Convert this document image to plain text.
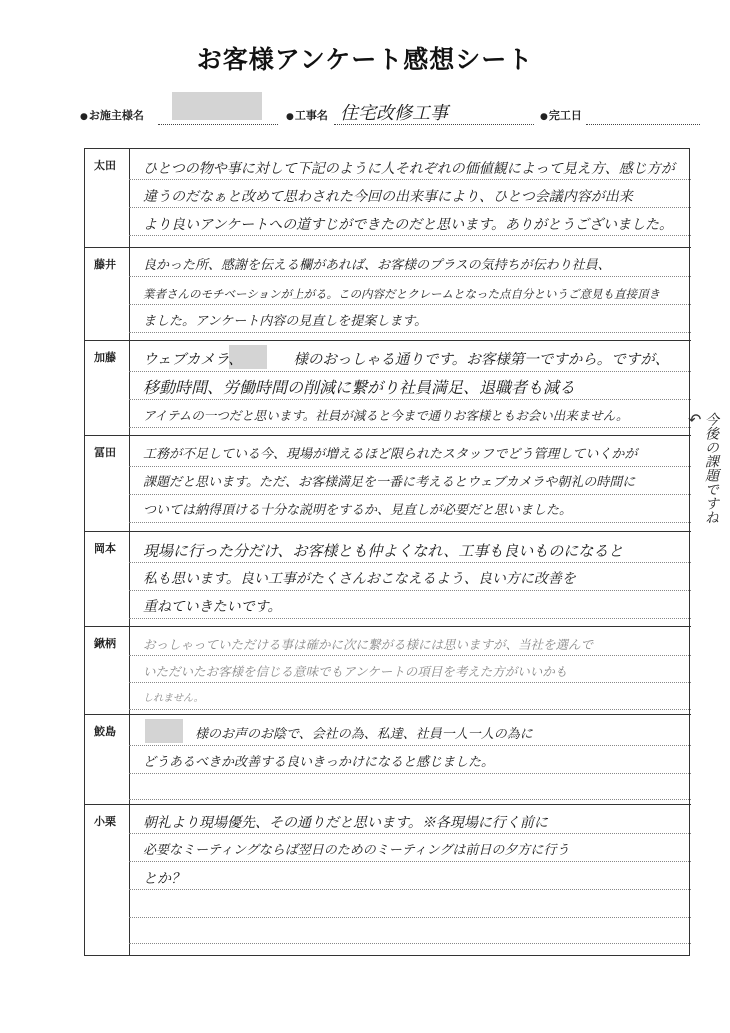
お客様アンケート感想シート
● お施主様名	● 工事名 住宅改修工事	● 完工日
太田 ひとつの物や事に対して下記のように人それぞれの価値観によって見え方、感じ方が
違うのだなぁと改めて思わされた今回の出来事により、ひとつ会議内容が出来
より良いアンケートへの道すじができたのだと思います。ありがとうございました。
藤井 良かった所、感謝を伝える欄があれば、お客様のプラスの気持ちが伝わり社員、
業者さんのモチベーションが上がる。この内容だとクレームとなった点自分というご意見も直接頂き
ました。アンケート内容の見直しを提案します。
加藤 ウェブカメラ、　　　　様のおっしゃる通りです。お客様第一ですから。ですが、
移動時間、労働時間の削減に繋がり社員満足、退職者も減る
アイテムの一つだと思います。社員が減ると今まで通りお客様ともお会い出来ません。
冨田 工務が不足している今、現場が増えるほど限られたスタッフでどう管理していくかが
課題だと思います。ただ、お客様満足を一番に考えるとウェブカメラや朝礼の時間に
ついては納得頂ける十分な説明をするか、見直しが必要だと思いました。
岡本 現場に行った分だけ、お客様とも仲よくなれ、工事も良いものになると
私も思います。良い工事がたくさんおこなえるよう、良い方に改善を
重ねていきたいです。
鍬柄 おっしゃっていただける事は確かに次に繋がる様には思いますが、当社を選んで
いただいたお客様を信じる意味でもアンケートの項目を考えた方がいいかも
しれません。
鮫島 　　　　様のお声のお陰で、会社の為、私達、社員一人一人の為に
どうあるべきか改善する良いきっかけになると感じました。
小栗 朝礼より現場優先、その通りだと思います。※各現場に行く前に
必要なミーティングならば翌日のためのミーティングは前日の夕方に行う
とか？
↶ 今後の課題ですね
